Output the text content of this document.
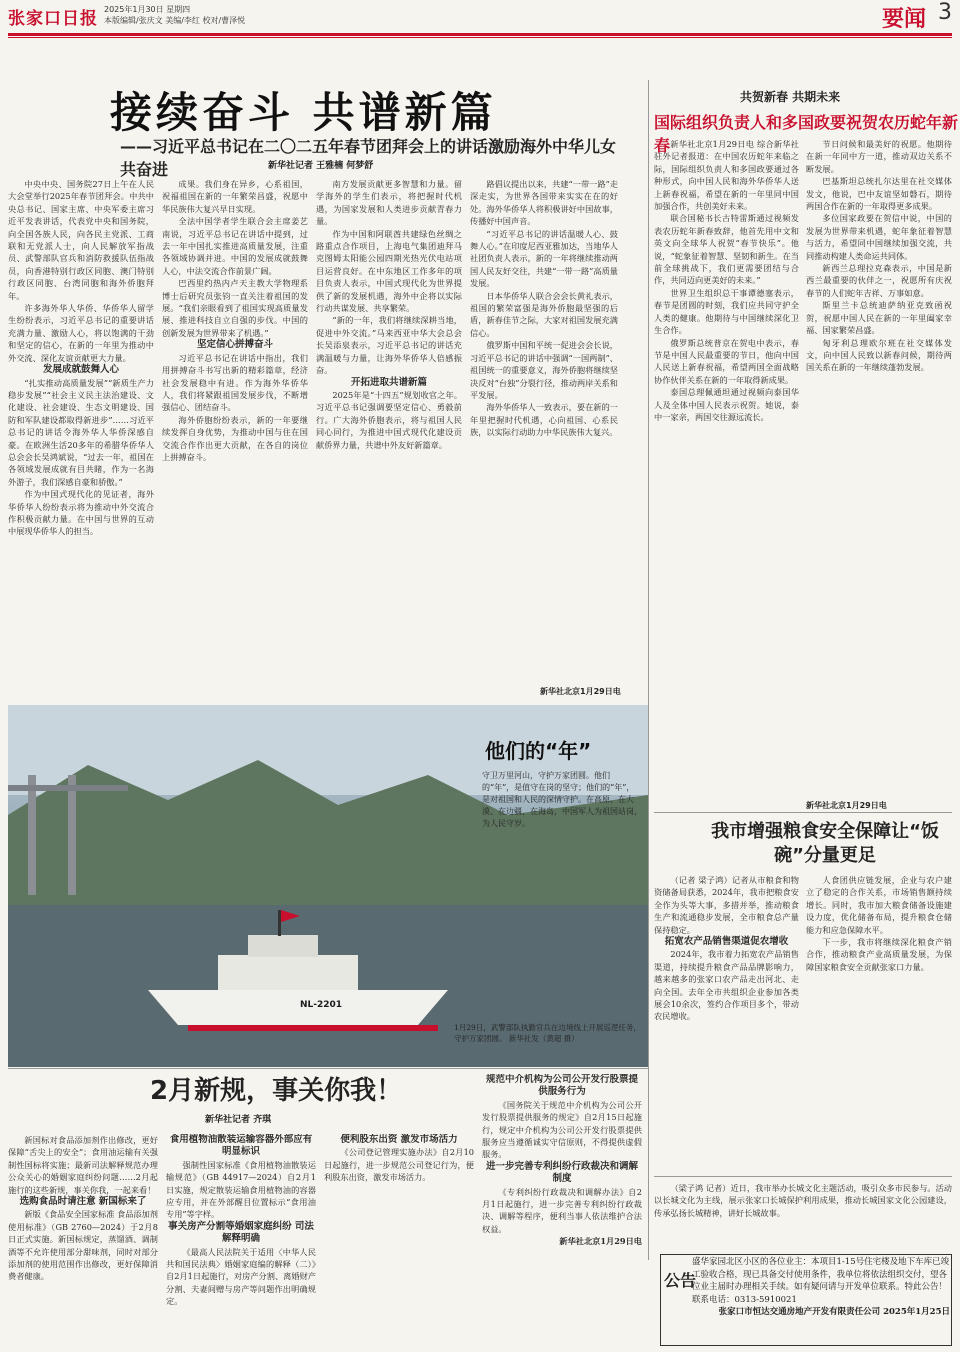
张家口日报 2025年1月30日 星期四
本版编辑/张庆文 美编/李红 校对/曹泽悦	要闻 3
接续奋斗 共谱新篇
——习近平总书记在二〇二五年春节团拜会上的讲话激励海外中华儿女共奋进	新华社记者 王雅楠 何梦舒

中央中央、国务院27日上午在人民大会堂举行2025年春节团拜会。中共中央总书记、国家主席、中央军委主席习近平发表讲话，代表党中央和国务院，向全国各族人民，向各民主党派、工商联和无党派人士，向人民解放军指战员、武警部队官兵和消防救援队伍指战员，向香港特别行政区同胞、澳门特别行政区同胞、台湾同胞和海外侨胞拜年。

许多海外华人华侨、华侨华人留学生纷纷表示，习近平总书记的重要讲话充满力量、激励人心，将以饱满的干劲和坚定的信心，在新的一年里为推动中外交流、深化友谊贡献更大力量。

发展成就鼓舞人心

“扎实推动高质量发展”“新质生产力稳步发展”“社会主义民主法治建设、文化建设、社会建设、生态文明建设、国防和军队建设都取得新进步”……习近平总书记的讲话令海外华人华侨深感自豪。在欧洲生活20多年的希腊华侨华人总会会长吴鸿斌说，“过去一年，祖国在各领域发展成就有目共睹，作为一名海外游子，我们深感自豪和骄傲。”

作为中国式现代化的见证者，海外华侨华人纷纷表示将为推动中外交流合作积极贡献力量。在中国与世界的互动中展现华侨华人的担当。

成果。我们身在异乡，心系祖国，祝福祖国在新的一年繁荣昌盛，祝愿中华民族伟大复兴早日实现。

全法中国学者学生联合会主席姜艺南说，习近平总书记在讲话中提到，过去一年中国扎实推进高质量发展，注重各领域协调并进。中国的发展成就鼓舞人心，中法交流合作前景广阔。

巴西里约热内卢天主教大学物理系博士后研究员张钧一直关注着祖国的发展。“我们亲眼看到了祖国实现高质量发展、推进科技自立自强的步伐。中国的创新发展为世界带来了机遇。”

坚定信心拼搏奋斗

习近平总书记在讲话中指出，我们用拼搏奋斗书写出新的精彩篇章，经济社会发展稳中有进。作为海外华侨华人，我们将紧跟祖国发展步伐，不断增强信心、团结奋斗。

海外侨胞纷纷表示，新的一年要继续发挥自身优势，为推动中国与住在国交流合作作出更大贡献，在各自的岗位上拼搏奋斗。

南方发展贡献更多智慧和力量。留学海外的学生们表示，将把握时代机遇，为国家发展和人类进步贡献青春力量。

作为中国和阿联酋共建绿色丝绸之路重点合作项目，上海电气集团迪拜马克图姆太阳能公园四期光热光伏电站项目运营良好。在中东地区工作多年的项目负责人表示，中国式现代化为世界提供了新的发展机遇，海外中企将以实际行动共谋发展、共享繁荣。

“新的一年，我们将继续深耕当地，促进中外交流。”马来西亚中华大会总会长吴添泉表示，习近平总书记的讲话充满温暖与力量，让海外华侨华人倍感振奋。

开拓进取共谱新篇

2025年是“十四五”规划收官之年。习近平总书记强调要坚定信心、勇毅前行。广大海外侨胞表示，将与祖国人民同心同行，为推进中国式现代化建设贡献侨界力量，共谱中外友好新篇章。

路倡议提出以来，共建“一带一路”走深走实，为世界各国带来实实在在的好处。海外华侨华人将积极讲好中国故事，传播好中国声音。

“习近平总书记的讲话温暖人心、鼓舞人心。”在印度尼西亚雅加达，当地华人社团负责人表示，新的一年将继续推动两国人民友好交往，共建“一带一路”高质量发展。

日本华侨华人联合会会长黄礼表示，祖国的繁荣富强是海外侨胞最坚强的后盾，新春佳节之际，大家对祖国发展充满信心。

俄罗斯中国和平统一促进会会长说，习近平总书记的讲话中强调“一国两制”、祖国统一的重要意义，海外侨胞将继续坚决反对“台独”分裂行径，推动两岸关系和平发展。

海外华侨华人一致表示，要在新的一年里把握时代机遇，心向祖国、心系民族，以实际行动助力中华民族伟大复兴。

新华社北京1月29日电
共贺新春 共期未来
国际组织负责人和多国政要祝贺农历蛇年新春 新华社北京1月29日电 综合新华社驻外记者报道：在中国农历蛇年来临之际，国际组织负责人和多国政要通过各种形式，向中国人民和海外华侨华人送上新春祝福，希望在新的一年里同中国加强合作，共创美好未来。

联合国秘书长古特雷斯通过视频发表农历蛇年新春致辞，他首先用中文和英文向全球华人祝贺“春节快乐”。他说，“蛇象征着智慧、坚韧和新生。在当前全球挑战下，我们更需要团结与合作，共同迈向更美好的未来。”

世界卫生组织总干事谭德塞表示，春节是团圆的时刻，我们应共同守护全人类的健康。他期待与中国继续深化卫生合作。

俄罗斯总统普京在贺电中表示，春节是中国人民最重要的节日，他向中国人民送上新春祝福，希望两国全面战略协作伙伴关系在新的一年取得新成果。

泰国总理佩通坦通过视频向泰国华人及全体中国人民表示祝贺。她说，泰中一家亲，两国交往源远流长。

节日问候和最美好的祝愿。他期待在新一年同中方一道，推动双边关系不断发展。

巴基斯坦总统扎尔达里在社交媒体发文，他说，巴中友谊坚如磐石，期待两国合作在新的一年取得更多成果。

多位国家政要在贺信中说，中国的发展为世界带来机遇，蛇年象征着智慧与活力，希望同中国继续加强交流，共同推动构建人类命运共同体。

新西兰总理拉克森表示，中国是新西兰最重要的伙伴之一，祝愿所有庆祝春节的人们蛇年吉祥、万事如意。

斯里兰卡总统迪萨纳亚克致函祝贺，祝愿中国人民在新的一年里阖家幸福、国家繁荣昌盛。

匈牙利总理欧尔班在社交媒体发文，向中国人民致以新春问候，期待两国关系在新的一年继续蓬勃发展。

新华社北京1月29日电
NL-2201
他们的“年”
守卫万里河山，守护万家团圆。他们的“年”，是值守在岗的坚守；他们的“年”，是对祖国和人民的深情守护。在高原、在大漠、在边疆、在海岛，中国军人为祖国站岗，为人民守岁。
1月29日，武警部队执勤官兵在边境线上开展巡逻任务，守护万家团圆。 新华社发（黄超 摄）
我市增强粮食安全保障让“饭碗”分量更足

（记者 梁子鸿）记者从市粮食和物资储备局获悉，2024年，我市把粮食安全作为头等大事，多措并举，推动粮食生产和流通稳步发展，全市粮食总产量保持稳定。

拓宽农产品销售渠道促农增收

2024年，我市着力拓宽农产品销售渠道，持续提升粮食产品品牌影响力，越来越多的张家口农产品走出河北、走向全国。去年全市共组织企业参加各类展会10余次，签约合作项目多个，带动农民增收。

人食团供应链发展，企业与农户建立了稳定的合作关系，市场销售额持续增长。同时，我市加大粮食储备设施建设力度，优化储备布局，提升粮食仓储能力和应急保障水平。

下一步，我市将继续深化粮食产销合作，推动粮食产业高质量发展，为保障国家粮食安全贡献张家口力量。

（梁子鸿 记者）近日，我市举办长城文化主题活动，吸引众多市民参与。活动以长城文化为主线，展示张家口长城保护利用成果，推动长城国家文化公园建设，传承弘扬长城精神，讲好长城故事。

公告
盛华家园北区小区的各位业主：本项目1-15号住宅楼及地下车库已竣工验收合格，现已具备交付使用条件，我单位将依法组织交付，望各位业主届时办理相关手续。如有疑问请与开发单位联系。特此公告！联系电话：0313-5910021
张家口市恒达交通房地产开发有限责任公司 2025年1月25日
2月新规，事关你我！
新华社记者 齐琪

新国标对食品添加剂作出修改，更好保障“舌尖上的安全”；食用油运输有关强制性国标将实施；最新司法解释规范办理公众关心的婚姻家庭纠纷问题……2月起施行的这些新规，事关你我，一起来看！

选购食品时请注意 新国标来了

新版《食品安全国家标准 食品添加剂使用标准》（GB 2760—2024）于2月8日正式实施。新国标规定，蒸馏酒、调制酒等不允许使用部分甜味剂，同时对部分添加剂的使用范围作出修改，更好保障消费者健康。

食用植物油散装运输容器外部应有明显标识

强制性国家标准《食用植物油散装运输规范》（GB 44917—2024）自2月1日实施，规定散装运输食用植物油的容器应专用，并在外部醒目位置标示“食用油专用”等字样。

事关房产分割等婚姻家庭纠纷 司法解释明确

《最高人民法院关于适用〈中华人民共和国民法典〉婚姻家庭编的解释（二）》自2月1日起施行，对房产分割、离婚财产分割、夫妻间赠与房产等问题作出明确规定。

便利股东出资 激发市场活力

《公司登记管理实施办法》自2月10日起施行，进一步规范公司登记行为，便利股东出资，激发市场活力。

规范中介机构为公司公开发行股票提供服务行为

《国务院关于规范中介机构为公司公开发行股票提供服务的规定》自2月15日起施行，规定中介机构为公司公开发行股票提供服务应当遵循诚实守信原则，不得提供虚假服务。

进一步完善专利纠纷行政裁决和调解制度

《专利纠纷行政裁决和调解办法》自2月1日起施行，进一步完善专利纠纷行政裁决、调解等程序，便利当事人依法维护合法权益。

新华社北京1月29日电
